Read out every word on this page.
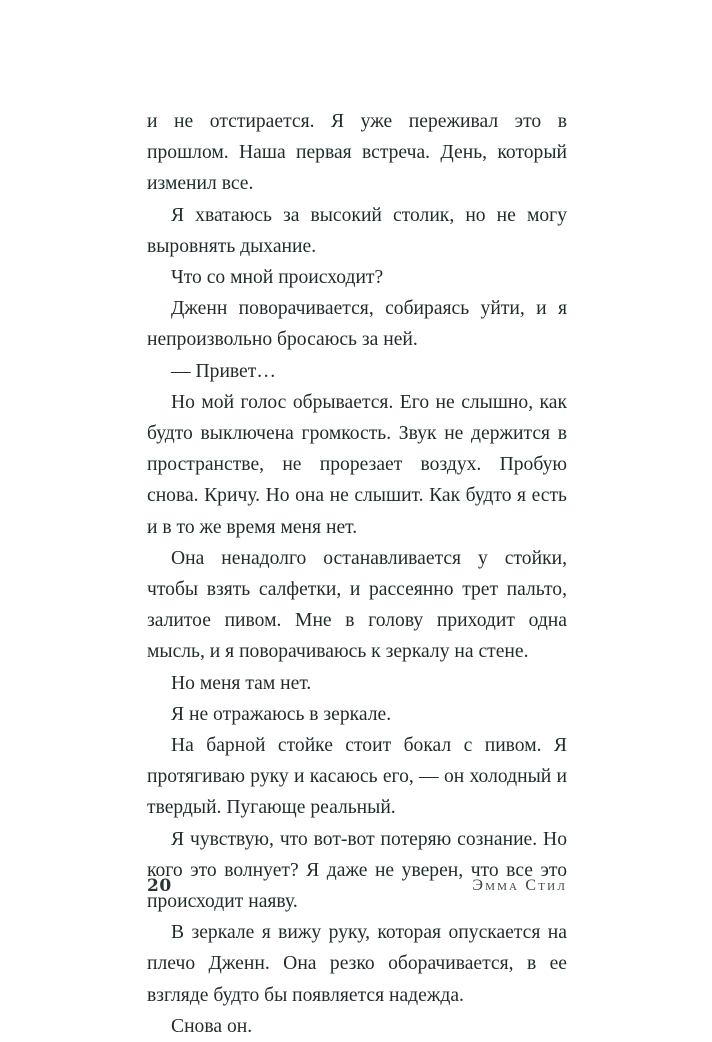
и не отстирается. Я уже переживал это в прошлом. Наша первая встреча. День, который изменил все.

Я хватаюсь за высокий столик, но не могу выровнять дыхание.

Что со мной происходит?

Дженн поворачивается, собираясь уйти, и я непроизвольно бросаюсь за ней.

— Привет…

Но мой голос обрывается. Его не слышно, как будто выключена громкость. Звук не держится в пространстве, не прорезает воздух. Пробую снова. Кричу. Но она не слышит. Как будто я есть и в то же время меня нет.

Она ненадолго останавливается у стойки, чтобы взять салфетки, и рассеянно трет пальто, залитое пивом. Мне в голову приходит одна мысль, и я поворачиваюсь к зеркалу на стене.

Но меня там нет.

Я не отражаюсь в зеркале.

На барной стойке стоит бокал с пивом. Я протягиваю руку и касаюсь его, — он холодный и твердый. Пугающе реальный.

Я чувствую, что вот-вот потеряю сознание. Но кого это волнует? Я даже не уверен, что все это происходит наяву.

В зеркале я вижу руку, которая опускается на плечо Дженн. Она резко оборачивается, в ее взгляде будто бы появляется надежда.

Снова он.

20	Эмма Стил
